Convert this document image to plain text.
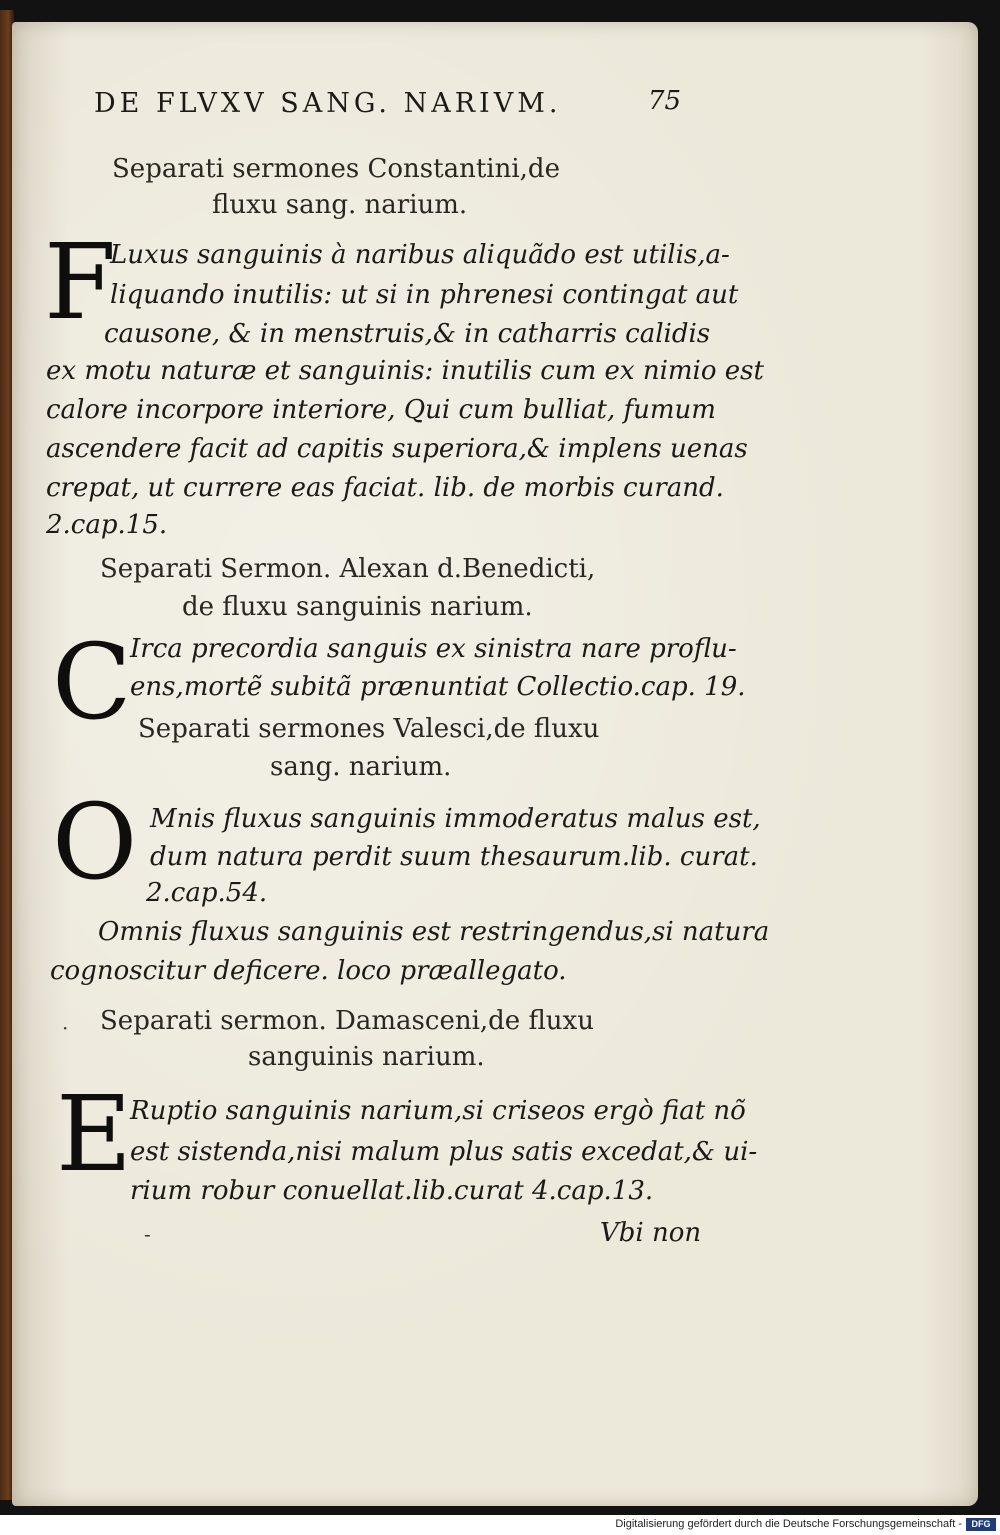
DE FLVXV SANG. NARIVM.	75
Separati sermones Constantini,de
fluxu sang. narium.
F
Luxus sanguinis à naribus aliquãdo est utilis,a-
liquando inutilis: ut si in phrenesi contingat aut
causone, & in menstruis,& in catharris calidis
ex motu naturæ et sanguinis: inutilis cum ex nimio est
calore incorpore interiore, Qui cum bulliat, fumum
ascendere facit ad capitis superiora,& implens uenas
crepat, ut currere eas faciat. lib. de morbis curand.
2.cap.15.
Separati Sermon. Alexan d.Benedicti,
de fluxu sanguinis narium.
C
Irca precordia sanguis ex sinistra nare proflu-
ens,mortẽ subitã prænuntiat Collectio.cap. 19.
Separati sermones Valesci,de fluxu
sang. narium.
O Mnis fluxus sanguinis immoderatus malus est,
dum natura perdit suum thesaurum.lib. curat.
2.cap.54.
Omnis fluxus sanguinis est restringendus,si natura
cognoscitur deficere. loco præallegato.
· Separati sermon. Damasceni,de fluxu
sanguinis narium.
E
Ruptio sanguinis narium,si criseos ergò fiat nõ
est sistenda,nisi malum plus satis excedat,& ui-
rium robur conuellat.lib.curat 4.cap.13.
-	Vbi non
Digitalisierung gefördert durch die Deutsche Forschungsgemeinschaft -	DFG
